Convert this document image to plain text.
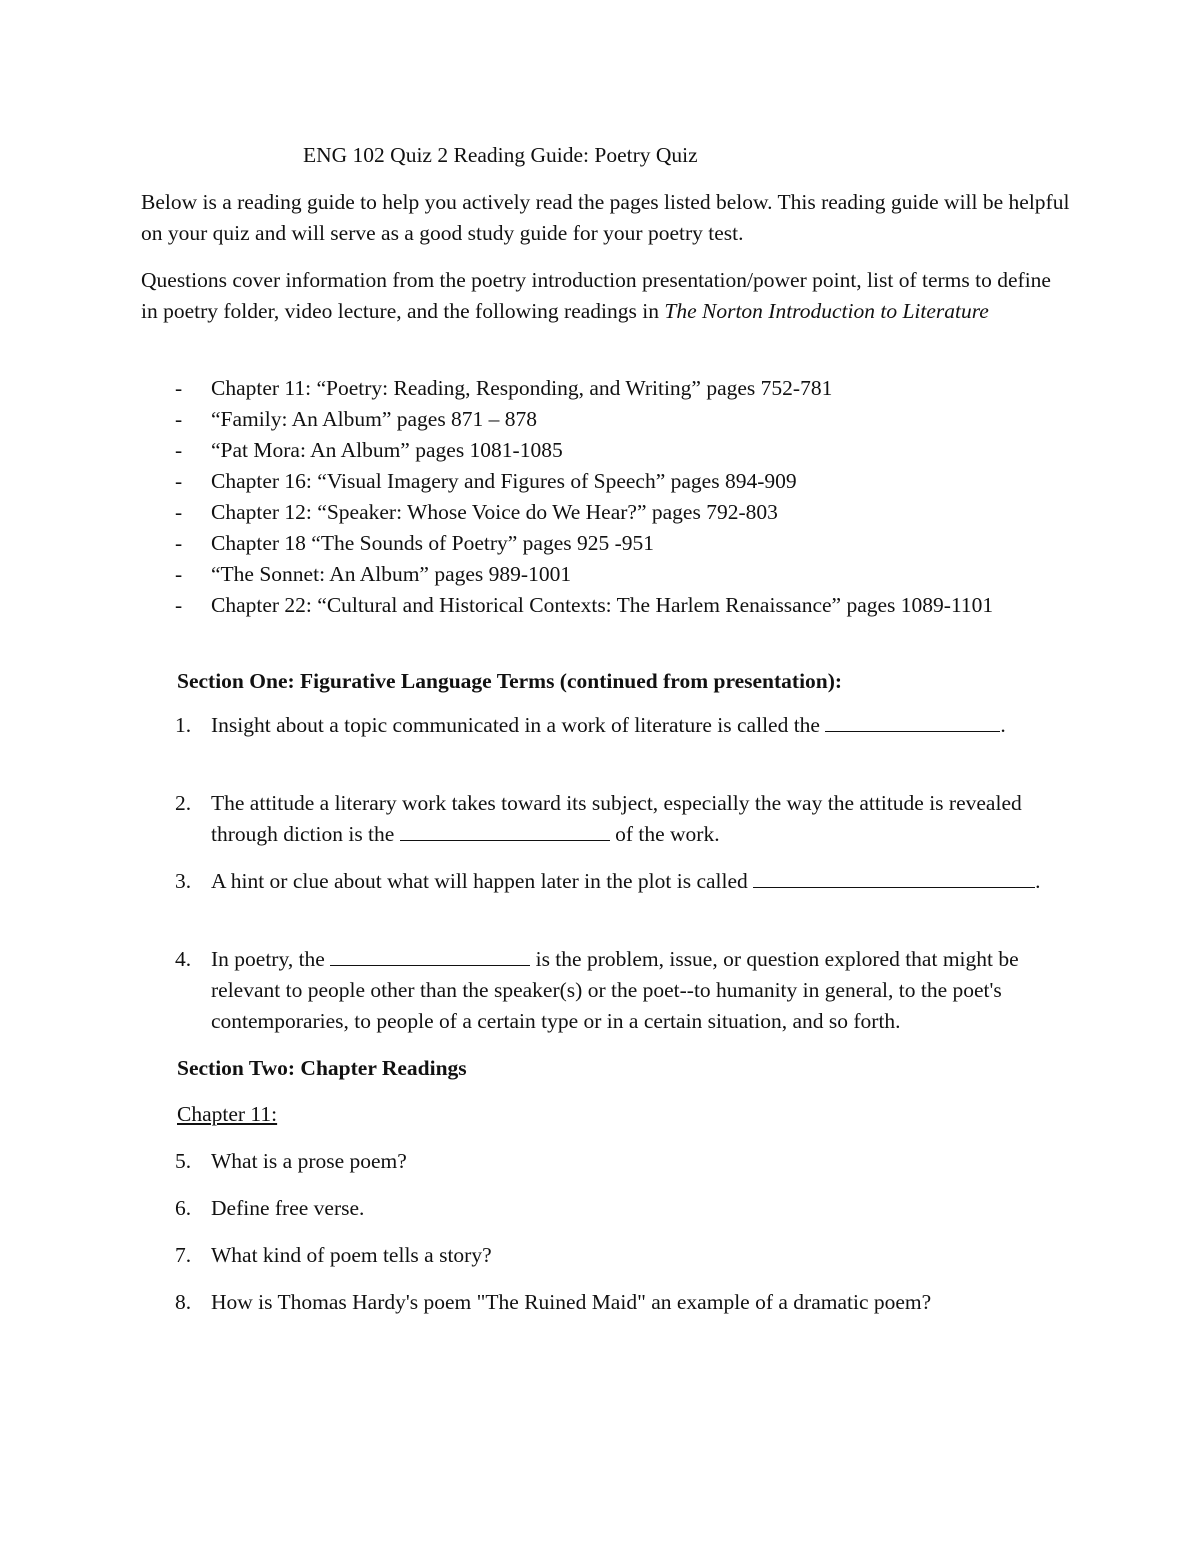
ENG 102 Quiz 2 Reading Guide: Poetry Quiz
Below is a reading guide to help you actively read the pages listed below. This reading guide will be helpful on your quiz and will serve as a good study guide for your poetry test.
Questions cover information from the poetry introduction presentation/power point, list of terms to define in poetry folder, video lecture, and the following readings in The Norton Introduction to Literature
- Chapter 11: “Poetry: Reading, Responding, and Writing” pages 752-781
- “Family: An Album” pages 871 – 878
- “Pat Mora: An Album” pages 1081-1085
- Chapter 16: “Visual Imagery and Figures of Speech” pages 894-909
- Chapter 12: “Speaker: Whose Voice do We Hear?” pages 792-803
- Chapter 18 “The Sounds of Poetry” pages 925 -951
- “The Sonnet: An Album” pages 989-1001
- Chapter 22: “Cultural and Historical Contexts: The Harlem Renaissance” pages 1089-1101
Section One: Figurative Language Terms (continued from presentation):
1. Insight about a topic communicated in a work of literature is called the	.
2. The attitude a literary work takes toward its subject, especially the way the attitude is revealed through diction is the	of the work.
3. A hint or clue about what will happen later in the plot is called	.
4. In poetry, the	is the problem, issue, or question explored that might be relevant to people other than the speaker(s) or the poet--to humanity in general, to the poet's contemporaries, to people of a certain type or in a certain situation, and so forth.
Section Two: Chapter Readings
Chapter 11:
5. What is a prose poem?
6. Define free verse.
7. What kind of poem tells a story?
8. How is Thomas Hardy's poem "The Ruined Maid" an example of a dramatic poem?
